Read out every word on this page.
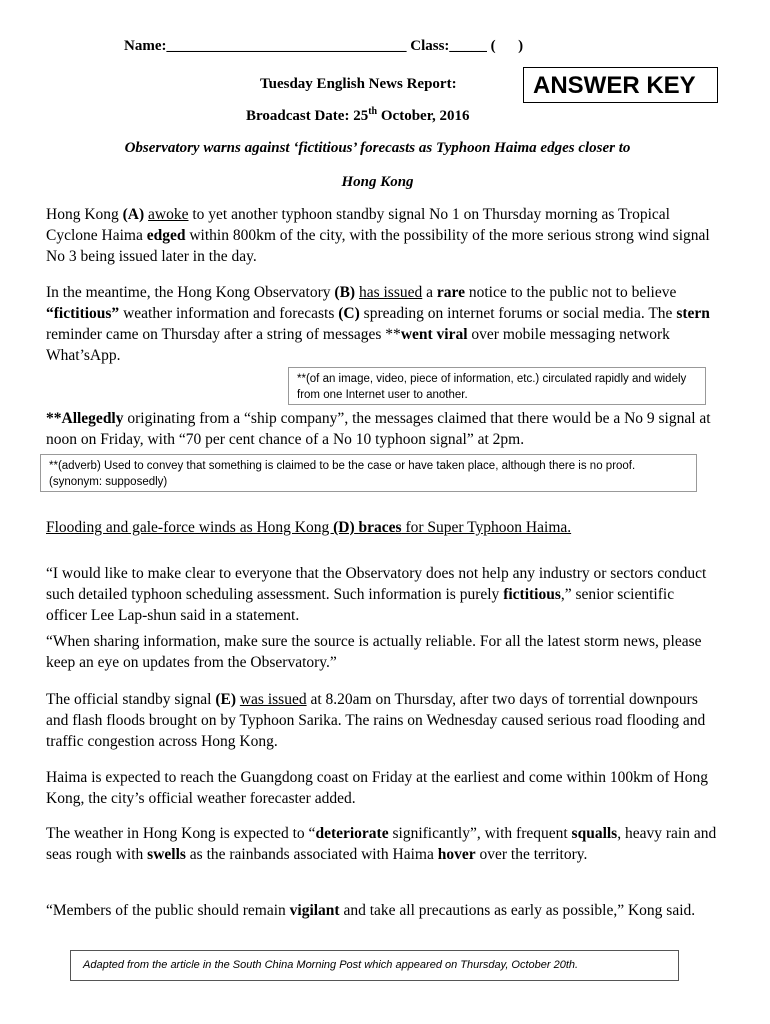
Name:________________________________ Class:_____ (      )
Tuesday English News Report:	ANSWER KEY
Broadcast Date: 25th October, 2016
Observatory warns against ‘fictitious’ forecasts as Typhoon Haima edges closer to
Hong Kong
Hong Kong (A) awoke to yet another typhoon standby signal No 1 on Thursday morning as Tropical Cyclone Haima edged within 800km of the city, with the possibility of the more serious strong wind signal No 3 being issued later in the day.
In the meantime, the Hong Kong Observatory (B) has issued a rare notice to the public not to believe “fictitious” weather information and forecasts (C) spreading on internet forums or social media. The stern reminder came on Thursday after a string of messages **went viral over mobile messaging network What’sApp.
**(of an image, video, piece of information, etc.) circulated rapidly and widely from one Internet user to another.
**Allegedly originating from a “ship company”, the messages claimed that there would be a No 9 signal at noon on Friday, with “70 per cent chance of a No 10 typhoon signal” at 2pm.
**(adverb) Used to convey that something is claimed to be the case or have taken place, although there is no proof. (synonym: supposedly)
Flooding and gale-force winds as Hong Kong (D) braces for Super Typhoon Haima.
“I would like to make clear to everyone that the Observatory does not help any industry or sectors conduct such detailed typhoon scheduling assessment. Such information is purely fictitious,” senior scientific officer Lee Lap-shun said in a statement.
“When sharing information, make sure the source is actually reliable. For all the latest storm news, please keep an eye on updates from the Observatory.”
The official standby signal (E) was issued at 8.20am on Thursday, after two days of torrential downpours and flash floods brought on by Typhoon Sarika. The rains on Wednesday caused serious road flooding and traffic congestion across Hong Kong.
Haima is expected to reach the Guangdong coast on Friday at the earliest and come within 100km of Hong Kong, the city’s official weather forecaster added.
The weather in Hong Kong is expected to “deteriorate significantly”, with frequent squalls, heavy rain and seas rough with swells as the rainbands associated with Haima hover over the territory.
“Members of the public should remain vigilant and take all precautions as early as possible,” Kong said.
Adapted from the article in the South China Morning Post which appeared on Thursday, October 20th.
